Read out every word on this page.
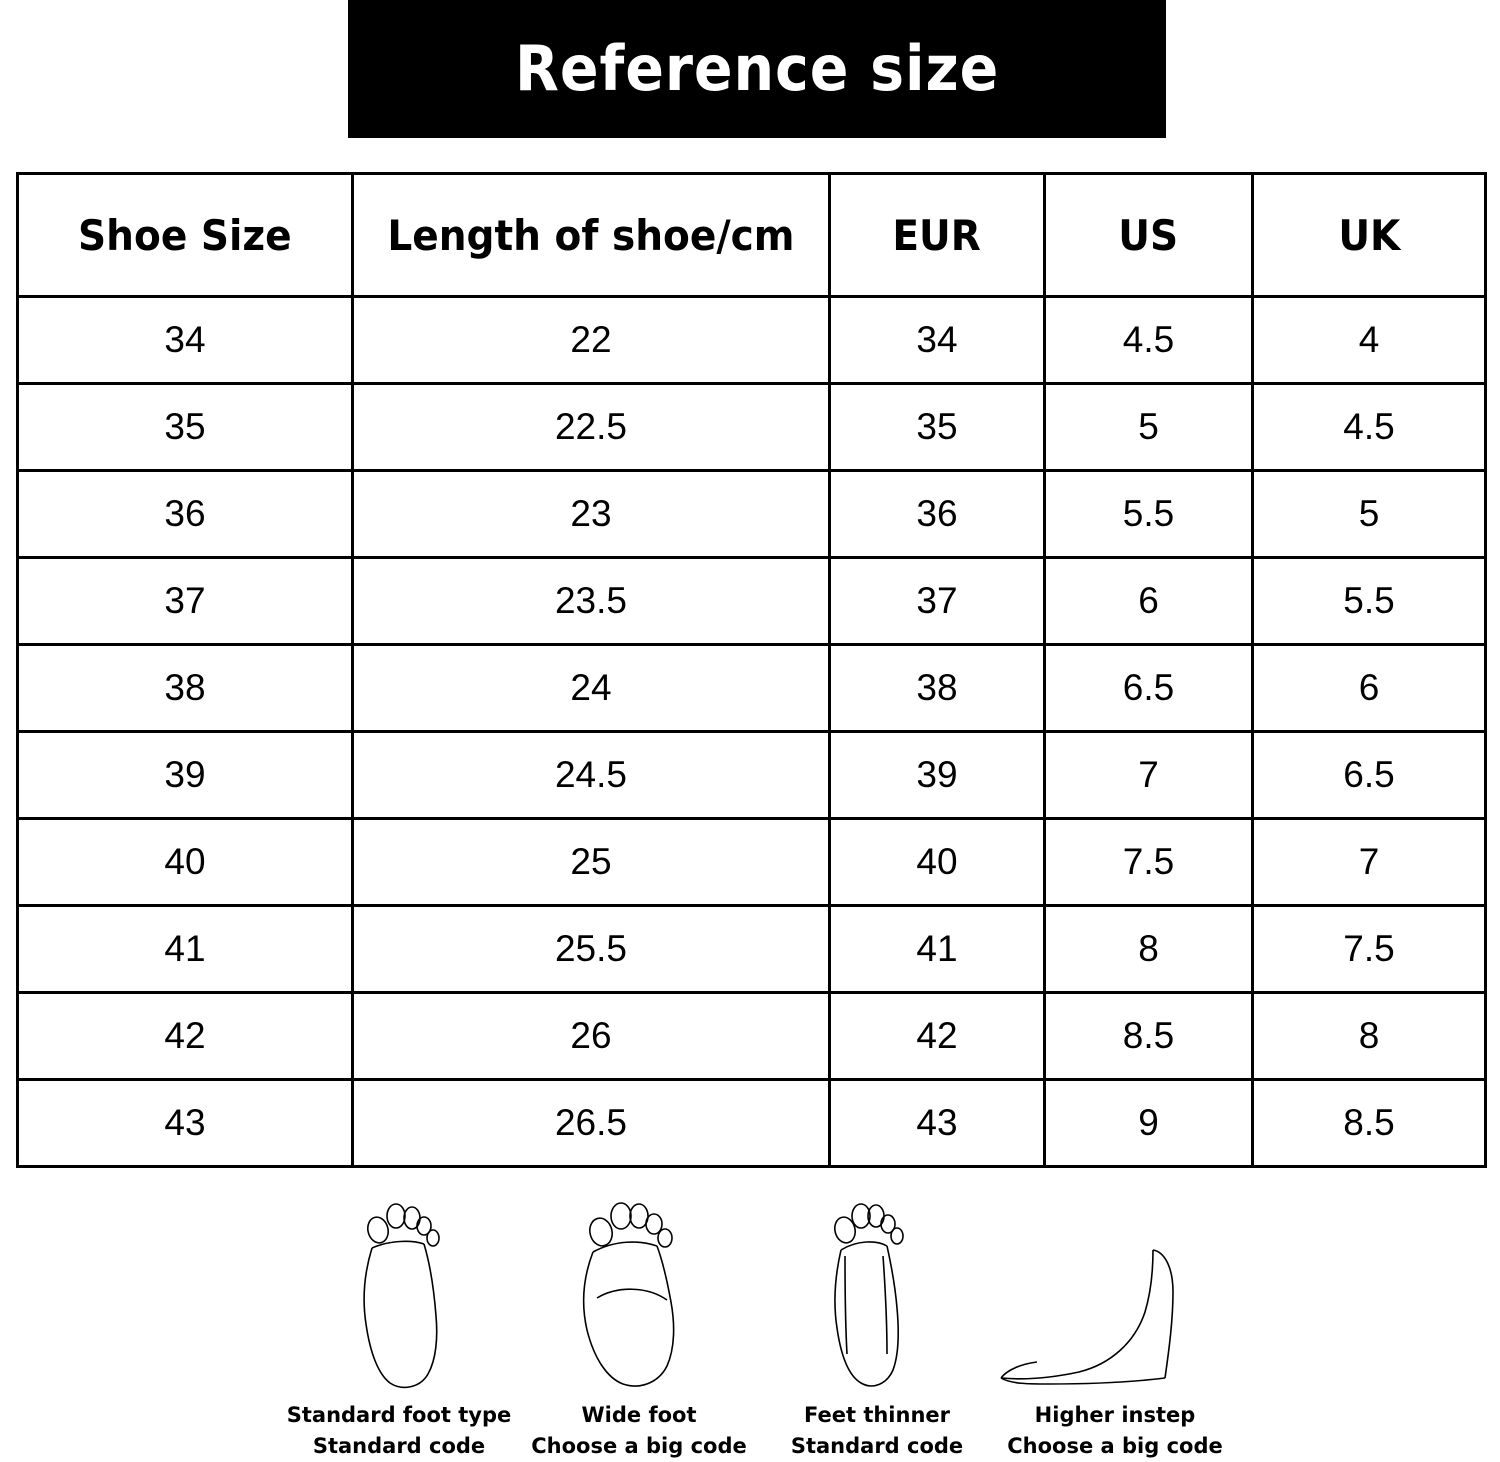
Reference size
Shoe Size	Length of shoe/cm	EUR	US	UK
34	22	34	4.5	4
35	22.5	35	5	4.5
36	23	36	5.5	5
37	23.5	37	6	5.5
38	24	38	6.5	6
39	24.5	39	7	6.5
40	25	40	7.5	7
41	25.5	41	8	7.5
42	26	42	8.5	8
43	26.5	43	9	8.5
Standard foot type
Standard code
Wide foot
Choose a big code
Feet thinner
Standard code
Higher instep
Choose a big code
